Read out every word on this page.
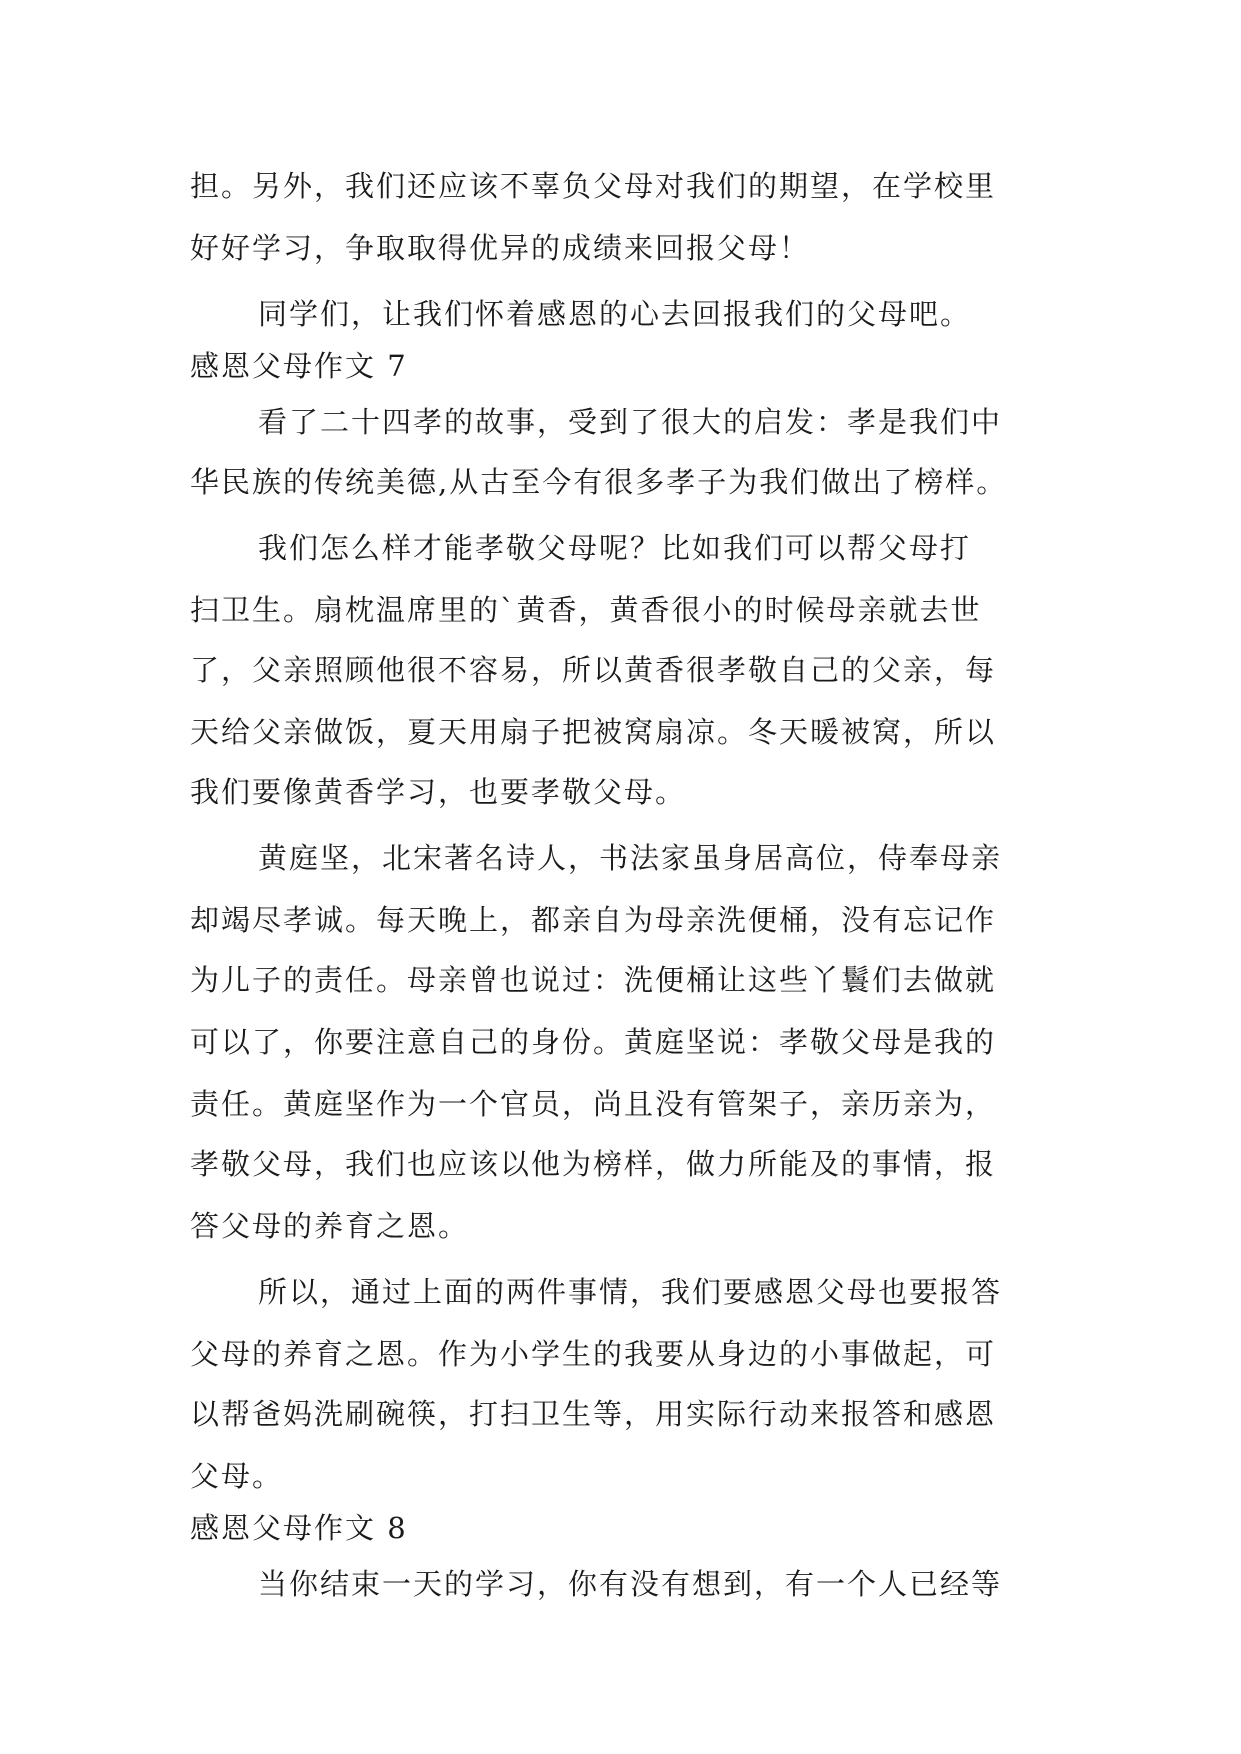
担。另外，我们还应该不辜负父母对我们的期望，在学校里

好好学习，争取取得优异的成绩来回报父母！

同学们，让我们怀着感恩的心去回报我们的父母吧。

感恩父母作文 7

看了二十四孝的故事，受到了很大的启发：孝是我们中

华民族的传统美德,从古至今有很多孝子为我们做出了榜样。

我们怎么样才能孝敬父母呢？比如我们可以帮父母打

扫卫生。扇枕温席里的`黄香，黄香很小的时候母亲就去世

了，父亲照顾他很不容易，所以黄香很孝敬自己的父亲，每

天给父亲做饭，夏天用扇子把被窝扇凉。冬天暖被窝，所以

我们要像黄香学习，也要孝敬父母。

黄庭坚，北宋著名诗人，书法家虽身居高位，侍奉母亲

却竭尽孝诚。每天晚上，都亲自为母亲洗便桶，没有忘记作

为儿子的责任。母亲曾也说过：洗便桶让这些丫鬟们去做就

可以了，你要注意自己的身份。黄庭坚说：孝敬父母是我的

责任。黄庭坚作为一个官员，尚且没有管架子，亲历亲为，

孝敬父母，我们也应该以他为榜样，做力所能及的事情，报

答父母的养育之恩。

所以，通过上面的两件事情，我们要感恩父母也要报答

父母的养育之恩。作为小学生的我要从身边的小事做起，可

以帮爸妈洗刷碗筷，打扫卫生等，用实际行动来报答和感恩

父母。

感恩父母作文 8

当你结束一天的学习，你有没有想到，有一个人已经等
